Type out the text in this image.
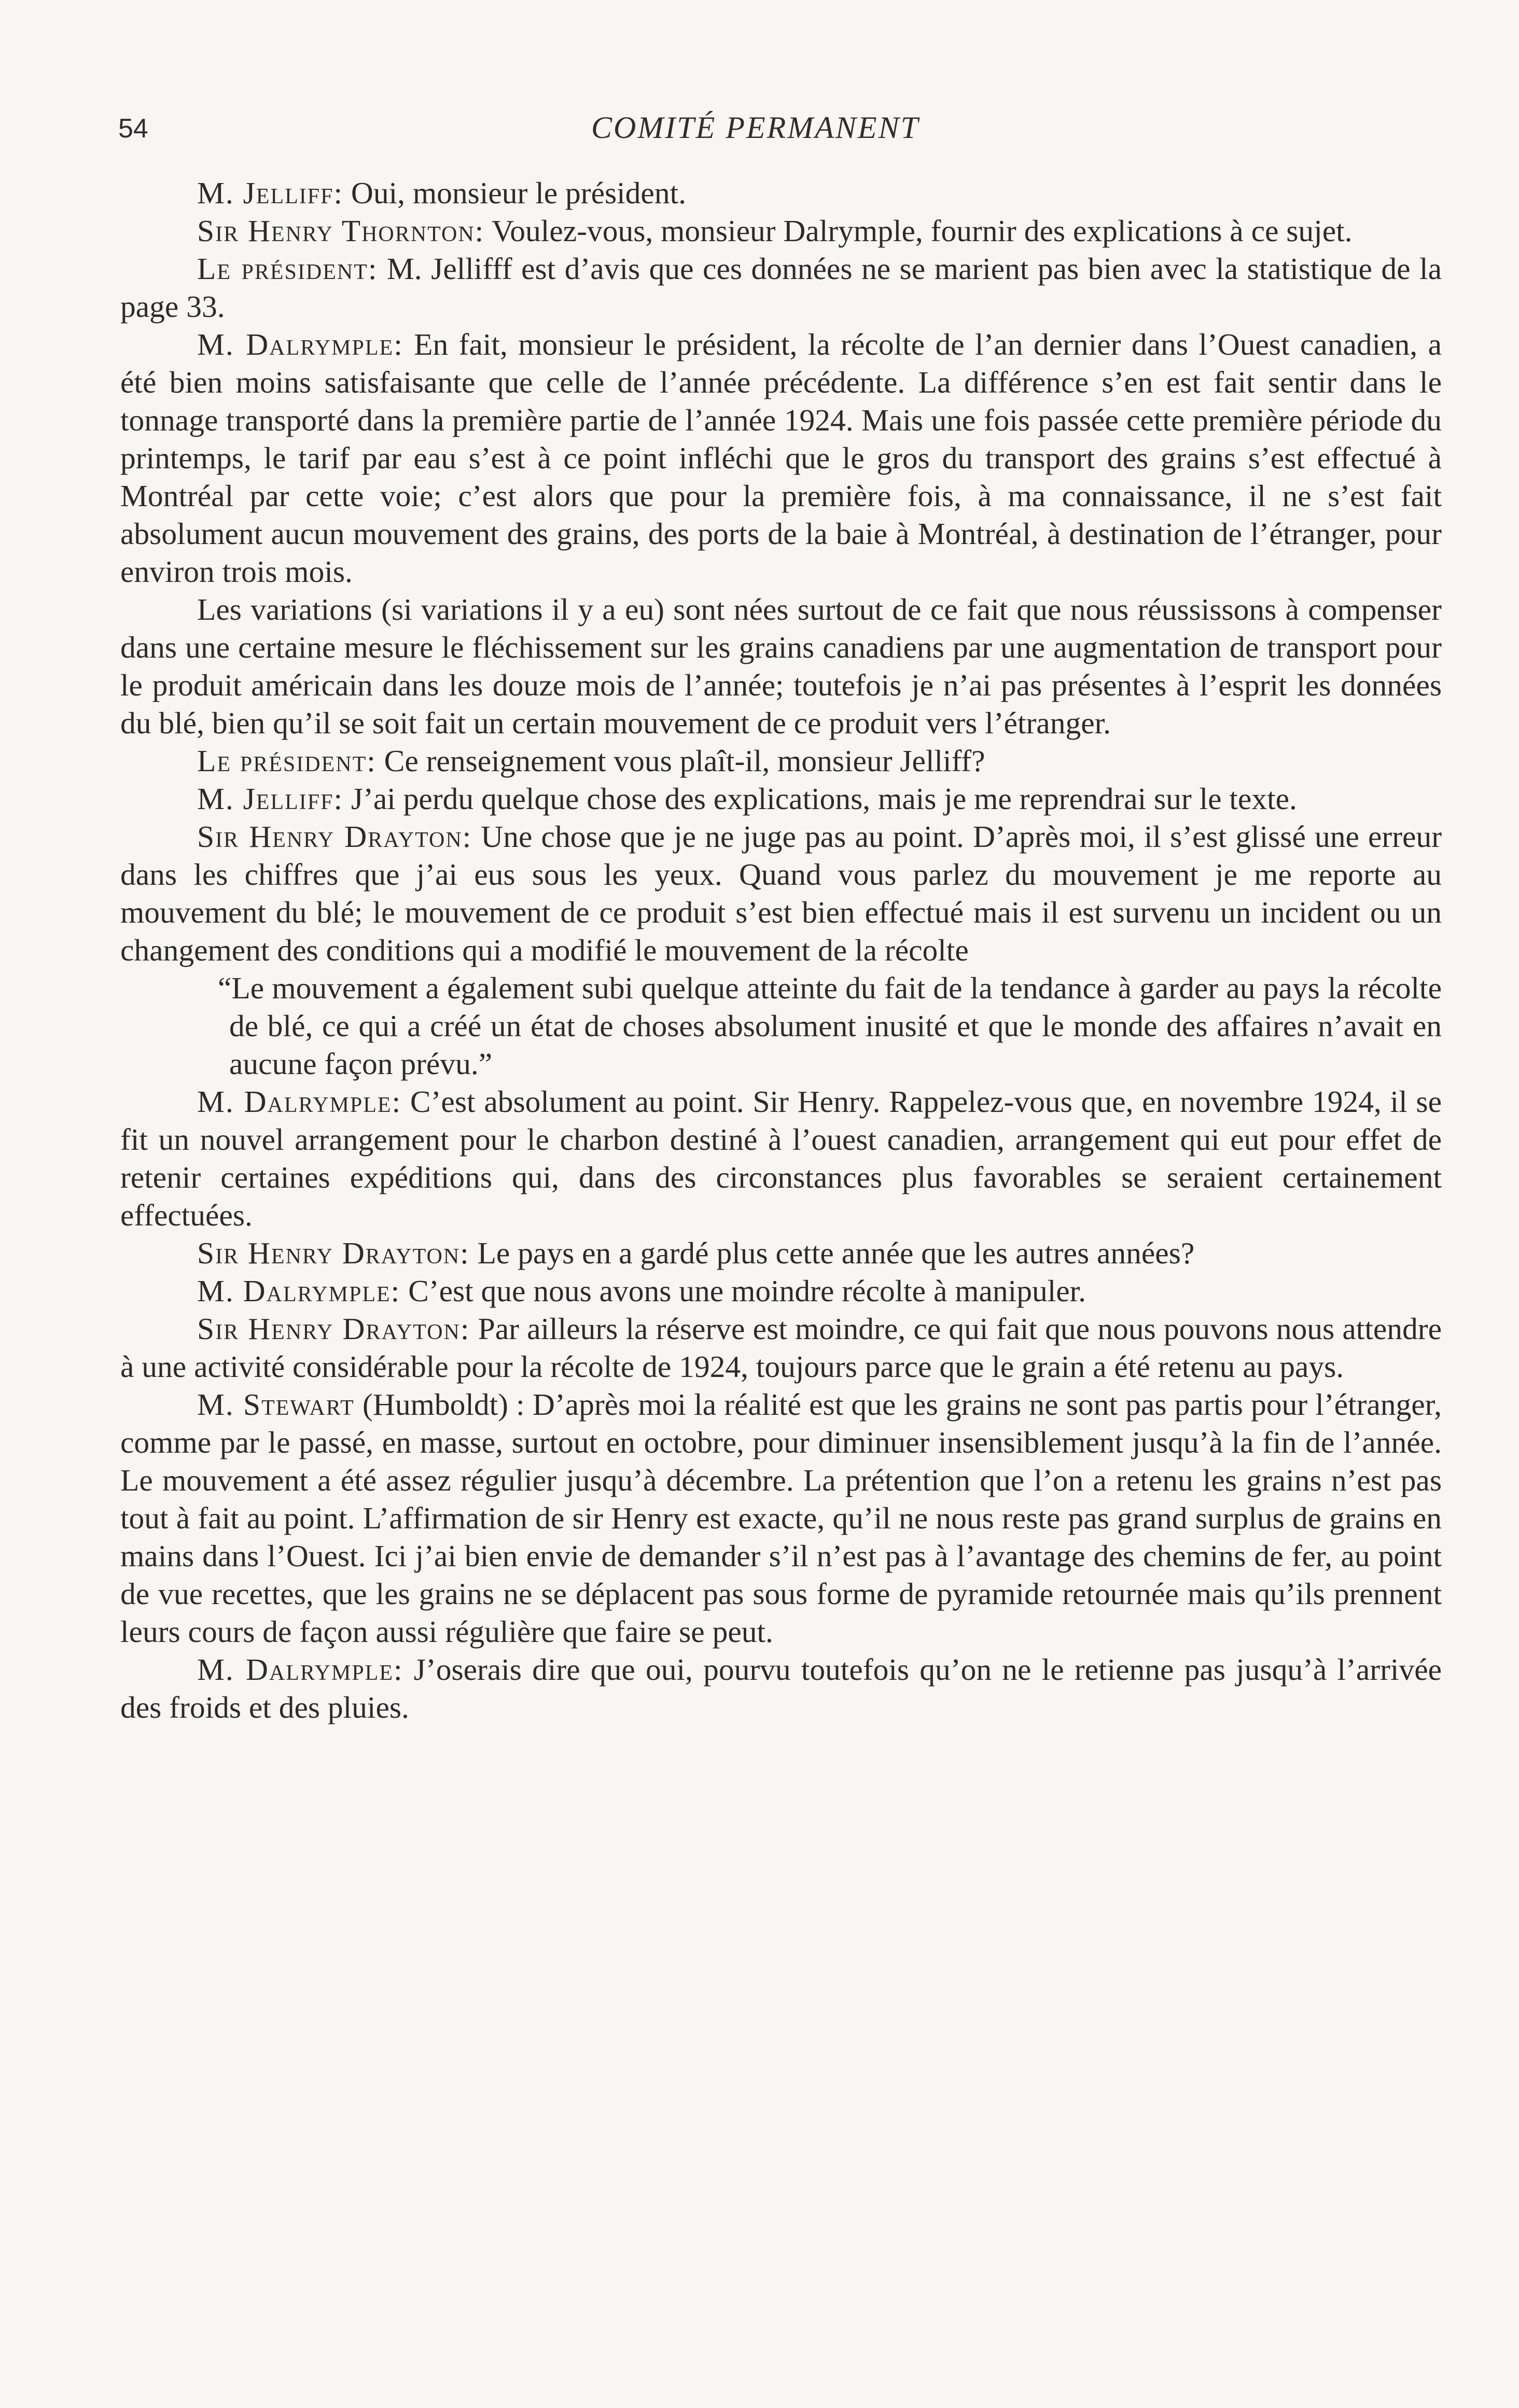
54	COMITÉ PERMANENT

M. Jelliff: Oui, monsieur le président.

Sir Henry Thornton: Voulez-vous, monsieur Dalrymple, fournir des explications à ce sujet.

Le président: M. Jellifff est d’avis que ces données ne se marient pas bien avec la statistique de la page 33.

M. Dalrymple: En fait, monsieur le président, la récolte de l’an dernier dans l’Ouest canadien, a été bien moins satisfaisante que celle de l’année précédente. La différence s’en est fait sentir dans le tonnage transporté dans la première partie de l’année 1924. Mais une fois passée cette première période du printemps, le tarif par eau s’est à ce point infléchi que le gros du transport des grains s’est effectué à Montréal par cette voie; c’est alors que pour la première fois, à ma connaissance, il ne s’est fait absolument aucun mouvement des grains, des ports de la baie à Montréal, à destination de l’étranger, pour environ trois mois.

Les variations (si variations il y a eu) sont nées surtout de ce fait que nous réussissons à compenser dans une certaine mesure le fléchissement sur les grains canadiens par une augmentation de transport pour le produit américain dans les douze mois de l’année; toutefois je n’ai pas présentes à l’esprit les données du blé, bien qu’il se soit fait un certain mouvement de ce produit vers l’étranger.

Le président: Ce renseignement vous plaît-il, monsieur Jelliff?

M. Jelliff: J’ai perdu quelque chose des explications, mais je me reprendrai sur le texte.

Sir Henry Drayton: Une chose que je ne juge pas au point. D’après moi, il s’est glissé une erreur dans les chiffres que j’ai eus sous les yeux. Quand vous parlez du mouvement je me reporte au mouvement du blé; le mouvement de ce produit s’est bien effectué mais il est survenu un incident ou un changement des conditions qui a modifié le mouvement de la récolte

“Le mouvement a également subi quelque atteinte du fait de la tendance à garder au pays la récolte de blé, ce qui a créé un état de choses absolument inusité et que le monde des affaires n’avait en aucune façon prévu.”

M. Dalrymple: C’est absolument au point. Sir Henry. Rappelez-vous que, en novembre 1924, il se fit un nouvel arrangement pour le charbon destiné à l’ouest canadien, arrangement qui eut pour effet de retenir certaines expéditions qui, dans des circonstances plus favorables se seraient certainement effectuées.

Sir Henry Drayton: Le pays en a gardé plus cette année que les autres années?

M. Dalrymple: C’est que nous avons une moindre récolte à manipuler.

Sir Henry Drayton: Par ailleurs la réserve est moindre, ce qui fait que nous pouvons nous attendre à une activité considérable pour la récolte de 1924, toujours parce que le grain a été retenu au pays.

M. Stewart (Humboldt) : D’après moi la réalité est que les grains ne sont pas partis pour l’étranger, comme par le passé, en masse, surtout en octobre, pour diminuer insensiblement jusqu’à la fin de l’année. Le mouvement a été assez régulier jusqu’à décembre. La prétention que l’on a retenu les grains n’est pas tout à fait au point. L’affirmation de sir Henry est exacte, qu’il ne nous reste pas grand surplus de grains en mains dans l’Ouest. Ici j’ai bien envie de demander s’il n’est pas à l’avantage des chemins de fer, au point de vue recettes, que les grains ne se déplacent pas sous forme de pyramide retournée mais qu’ils prennent leurs cours de façon aussi régulière que faire se peut.

M. Dalrymple: J’oserais dire que oui, pourvu toutefois qu’on ne le retienne pas jusqu’à l’arrivée des froids et des pluies.
